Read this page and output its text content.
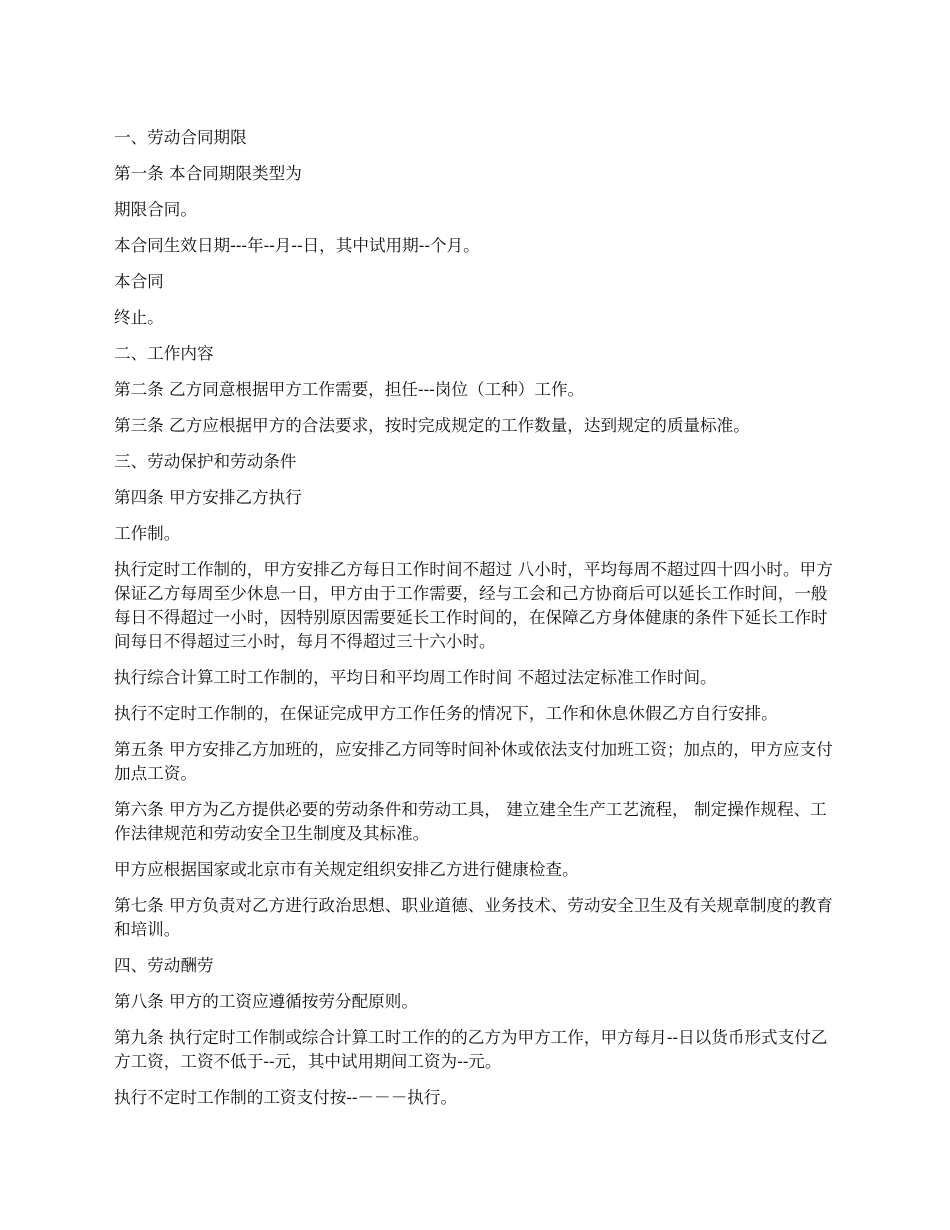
一、劳动合同期限

第一条 本合同期限类型为

期限合同。

本合同生效日期---年--月--日，其中试用期--个月。

本合同

终止。

二、工作内容

第二条 乙方同意根据甲方工作需要，担任---岗位（工种）工作。

第三条 乙方应根据甲方的合法要求，按时完成规定的工作数量，达到规定的质量标准。

三、劳动保护和劳动条件

第四条 甲方安排乙方执行

工作制。

执行定时工作制的，甲方安排乙方每日工作时间不超过 八小时，平均每周不超过四十四小时。甲方保证乙方每周至少休息一日，甲方由于工作需要，经与工会和己方协商后可以延长工作时间，一般每日不得超过一小时，因特别原因需要延长工作时间的，在保障乙方身体健康的条件下延长工作时间每日不得超过三小时，每月不得超过三十六小时。

执行综合计算工时工作制的，平均日和平均周工作时间 不超过法定标准工作时间。

执行不定时工作制的，在保证完成甲方工作任务的情况下，工作和休息休假乙方自行安排。

第五条 甲方安排乙方加班的，应安排乙方同等时间补休或依法支付加班工资；加点的，甲方应支付加点工资。

第六条 甲方为乙方提供必要的劳动条件和劳动工具， 建立建全生产工艺流程， 制定操作规程、工作法律规范和劳动安全卫生制度及其标准。

甲方应根据国家或北京市有关规定组织安排乙方进行健康检查。

第七条 甲方负责对乙方进行政治思想、职业道德、业务技术、劳动安全卫生及有关规章制度的教育和培训。

四、劳动酬劳

第八条 甲方的工资应遵循按劳分配原则。

第九条 执行定时工作制或综合计算工时工作的的乙方为甲方工作，甲方每月--日以货币形式支付乙方工资，工资不低于--元，其中试用期间工资为--元。

执行不定时工作制的工资支付按--－－－执行。
